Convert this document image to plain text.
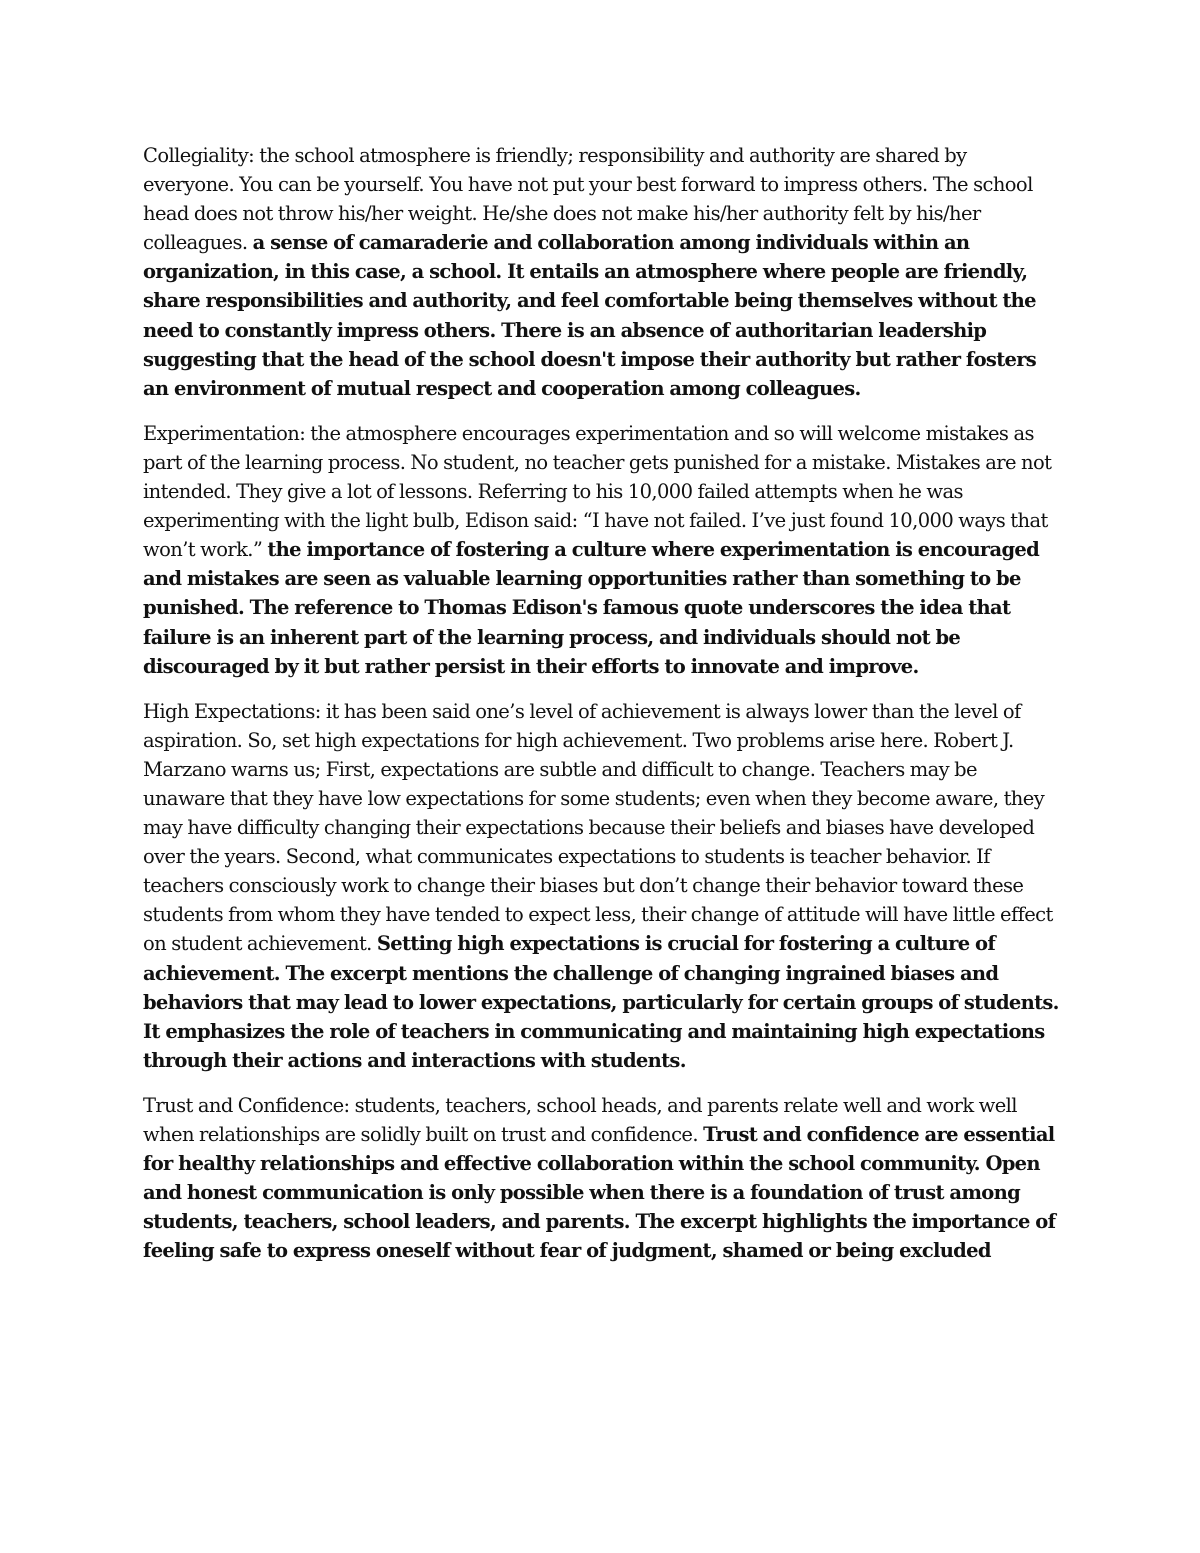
Collegiality: the school atmosphere is friendly; responsibility and authority are shared by everyone. You can be yourself. You have not put your best forward to impress others. The school head does not throw his/her weight. He/she does not make his/her authority felt by his/her colleagues. a sense of camaraderie and collaboration among individuals within an organization, in this case, a school. It entails an atmosphere where people are friendly, share responsibilities and authority, and feel comfortable being themselves without the need to constantly impress others. There is an absence of authoritarian leadership suggesting that the head of the school doesn't impose their authority but rather fosters an environment of mutual respect and cooperation among colleagues.

Experimentation: the atmosphere encourages experimentation and so will welcome mistakes as part of the learning process. No student, no teacher gets punished for a mistake. Mistakes are not intended. They give a lot of lessons. Referring to his 10,000 failed attempts when he was experimenting with the light bulb, Edison said: “I have not failed. I’ve just found 10,000 ways that won’t work.” the importance of fostering a culture where experimentation is encouraged and mistakes are seen as valuable learning opportunities rather than something to be punished. The reference to Thomas Edison's famous quote underscores the idea that failure is an inherent part of the learning process, and individuals should not be discouraged by it but rather persist in their efforts to innovate and improve.

High Expectations: it has been said one’s level of achievement is always lower than the level of aspiration. So, set high expectations for high achievement. Two problems arise here. Robert J. Marzano warns us; First, expectations are subtle and difficult to change. Teachers may be unaware that they have low expectations for some students; even when they become aware, they may have difficulty changing their expectations because their beliefs and biases have developed over the years. Second, what communicates expectations to students is teacher behavior. If teachers consciously work to change their biases but don’t change their behavior toward these students from whom they have tended to expect less, their change of attitude will have little effect on student achievement. Setting high expectations is crucial for fostering a culture of achievement. The excerpt mentions the challenge of changing ingrained biases and behaviors that may lead to lower expectations, particularly for certain groups of students. It emphasizes the role of teachers in communicating and maintaining high expectations through their actions and interactions with students.

Trust and Confidence: students, teachers, school heads, and parents relate well and work well when relationships are solidly built on trust and confidence. Trust and confidence are essential for healthy relationships and effective collaboration within the school community. Open and honest communication is only possible when there is a foundation of trust among students, teachers, school leaders, and parents. The excerpt highlights the importance of feeling safe to express oneself without fear of judgment, shamed or being excluded
